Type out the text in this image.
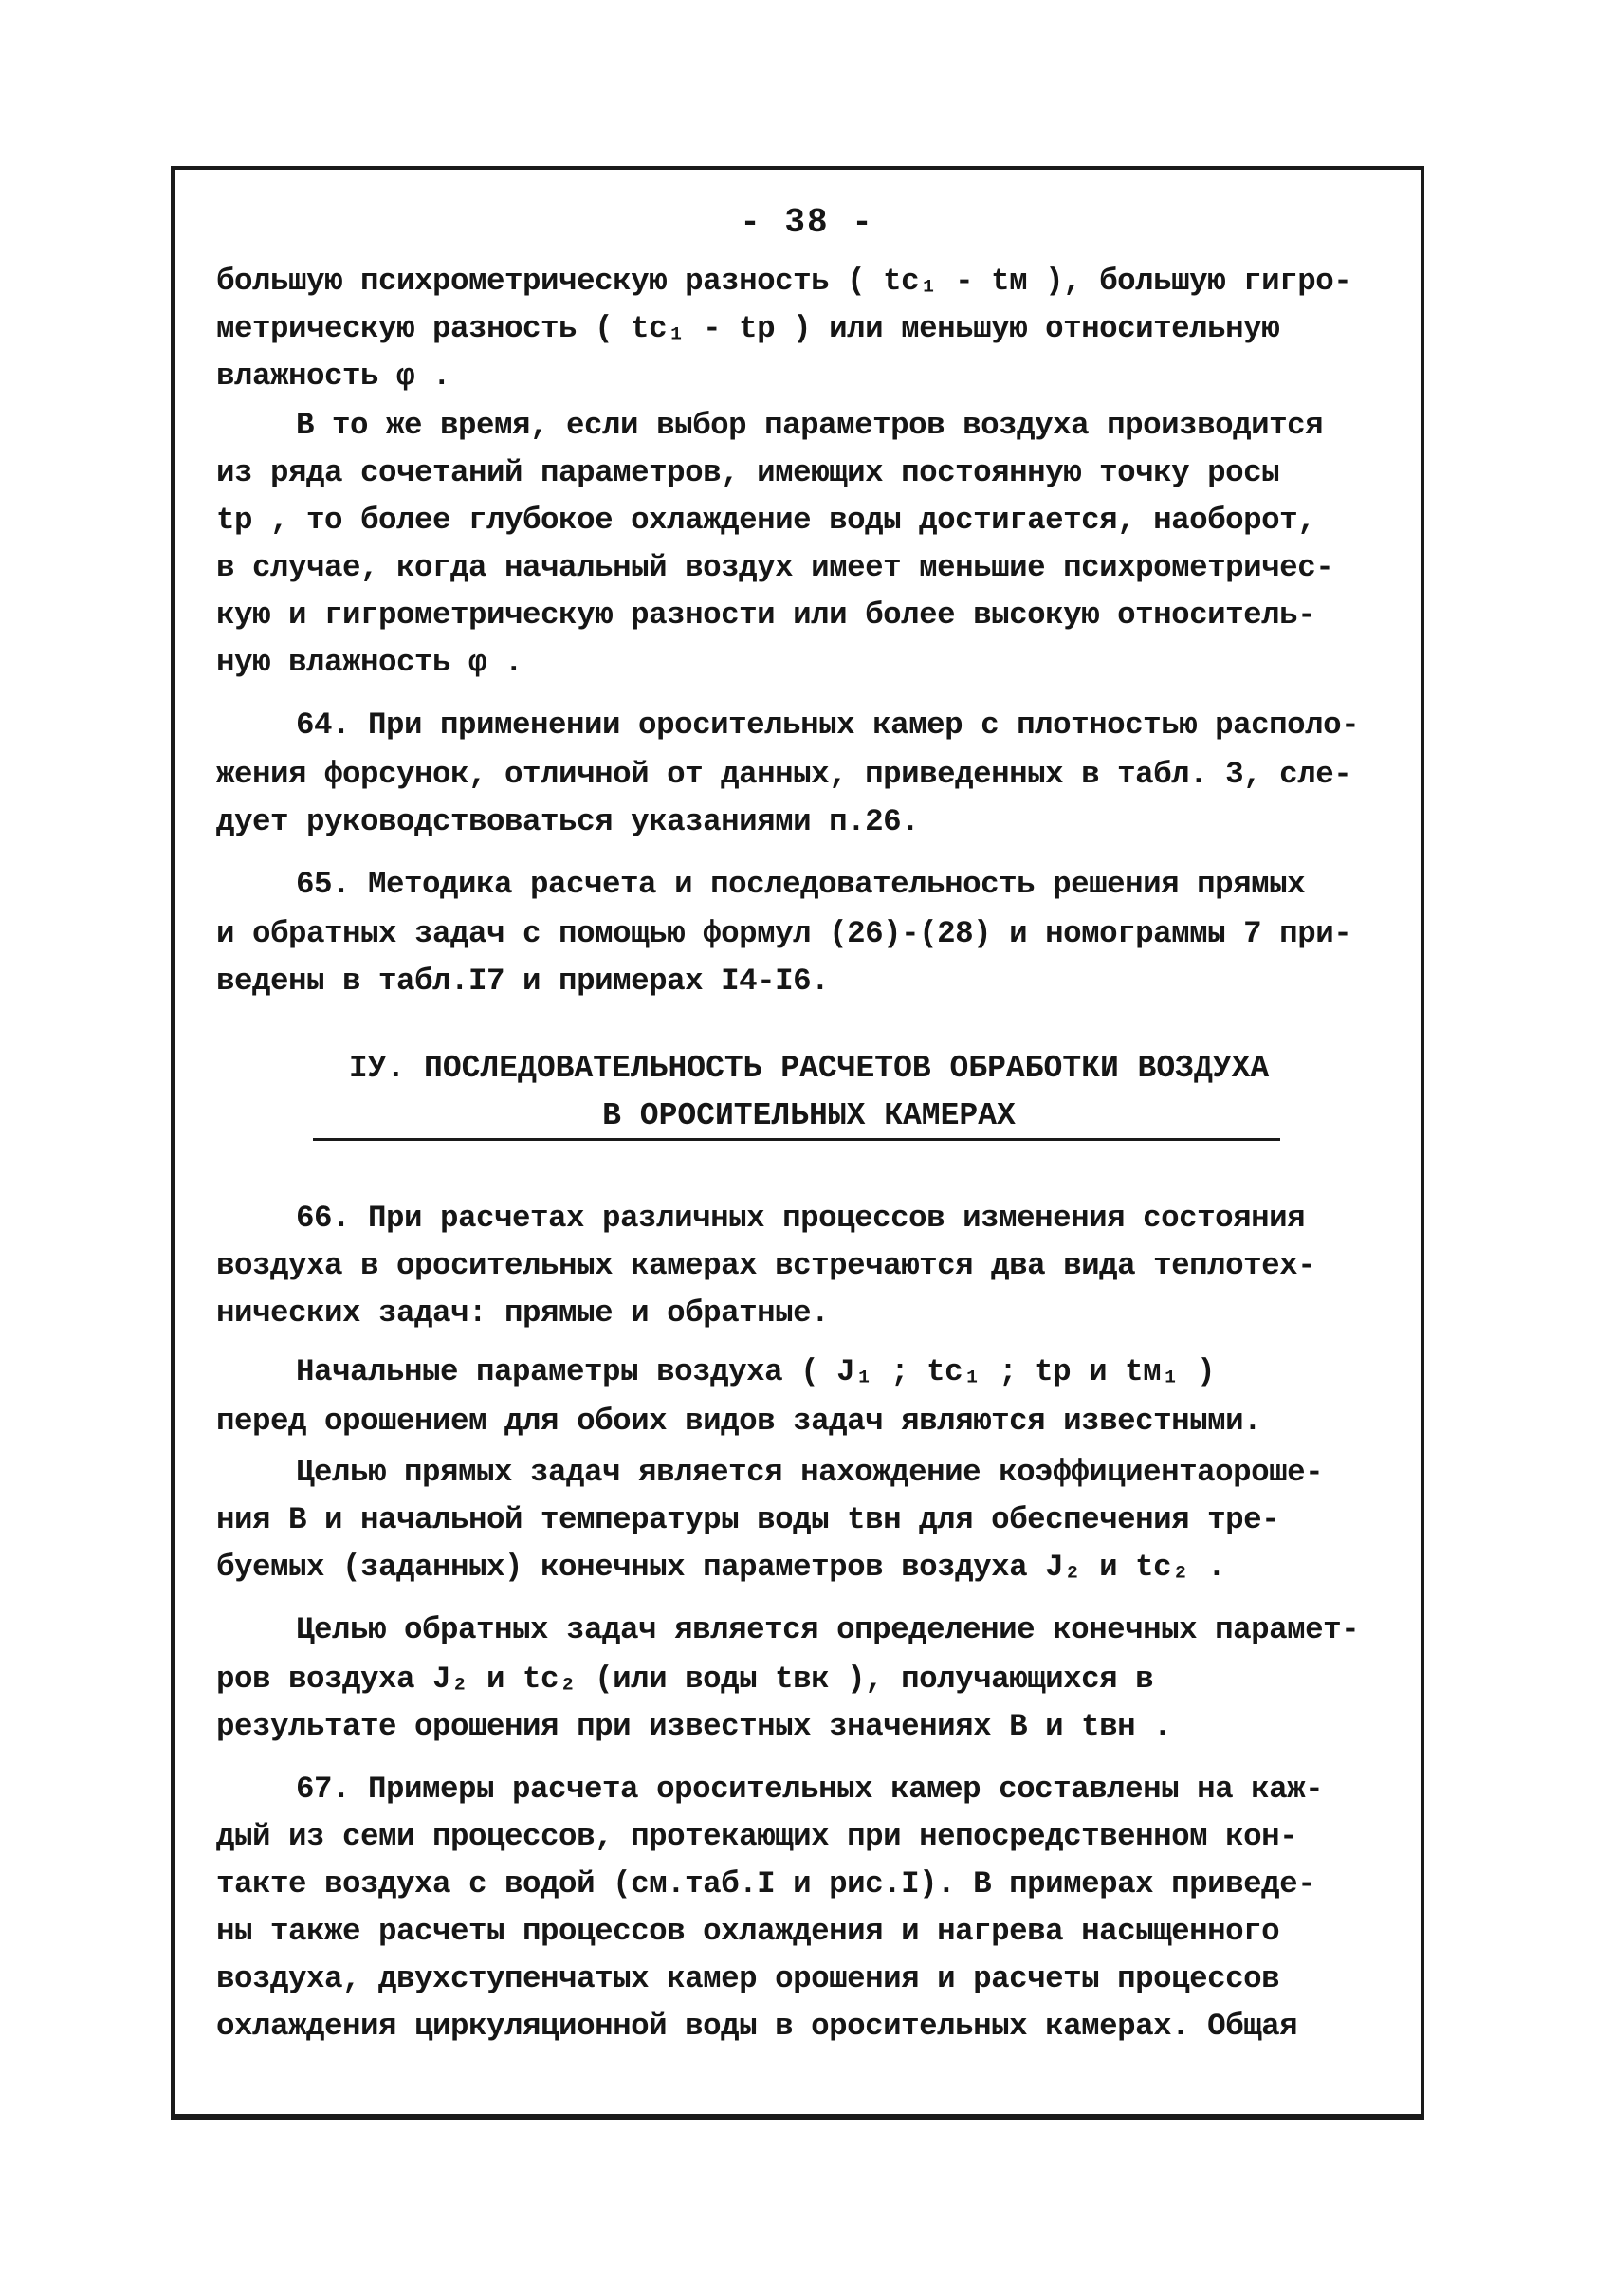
- 38 -
большую психрометрическую разность ( tс₁ - tм ), большую гигро-
метрическую разность ( tс₁ - tр ) или меньшую относительную
влажность φ .
В то же время, если выбор параметров воздуха производится
из ряда сочетаний параметров, имеющих постоянную точку росы
tр , то более глубокое охлаждение воды достигается, наоборот,
в случае, когда начальный воздух имеет меньшие психрометричес-
кую и гигрометрическую разности или более высокую относитель-
ную влажность φ .
64. При применении оросительных камер с плотностью располо-
жения форсунок, отличной от данных, приведенных в табл. 3, сле-
дует руководствоваться указаниями п.26.
65. Методика расчета и последовательность решения прямых
и обратных задач с помощью формул (26)-(28) и номограммы 7 при-
ведены в табл.I7 и примерах I4-I6.
IУ. ПОСЛЕДОВАТЕЛЬНОСТЬ РАСЧЕТОВ ОБРАБОТКИ ВОЗДУХА
В ОРОСИТЕЛЬНЫХ КАМЕРАХ
66. При расчетах различных процессов изменения состояния
воздуха в оросительных камерах встречаются два вида теплотех-
нических задач: прямые и обратные.
Начальные параметры воздуха ( J₁ ; tс₁ ; tр и tм₁ )
перед орошением для обоих видов задач являются известными.
Целью прямых задач является нахождение коэффициентаороше-
ния В и начальной температуры воды tвн для обеспечения тре-
буемых (заданных) конечных параметров воздуха J₂ и tс₂ .
Целью обратных задач является определение конечных парамет-
ров воздуха J₂ и tс₂ (или воды tвк ), получающихся в
результате орошения при известных значениях В и tвн .
67. Примеры расчета оросительных камер составлены на каж-
дый из семи процессов, протекающих при непосредственном кон-
такте воздуха с водой (см.таб.I и рис.I). В примерах приведе-
ны также расчеты процессов охлаждения и нагрева насыщенного
воздуха, двухступенчатых камер орошения и расчеты процессов
охлаждения циркуляционной воды в оросительных камерах. Общая
